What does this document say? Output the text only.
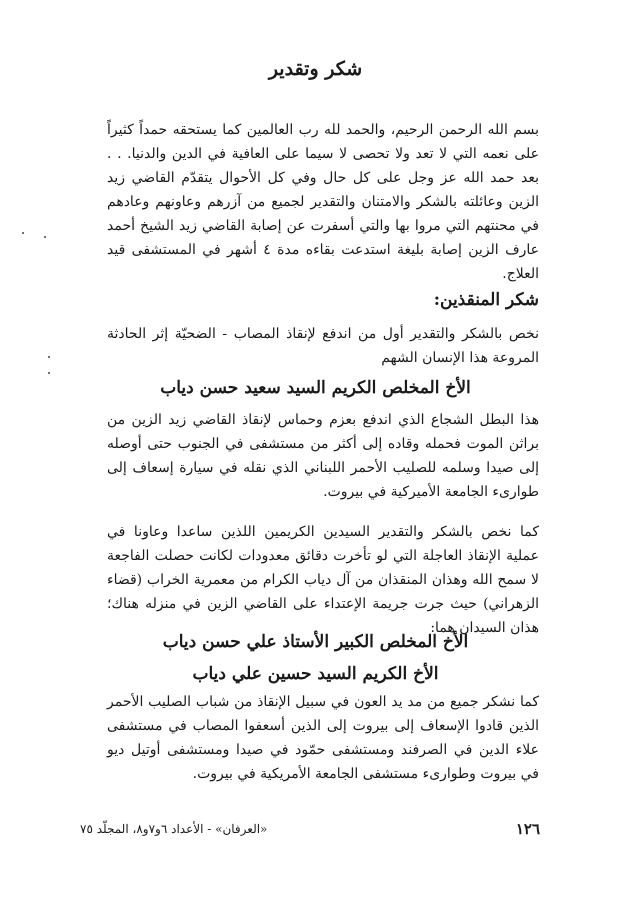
شكر وتقدير

بسم الله الرحمن الرحيم، والحمد لله رب العالمين كما يستحقه حمداً كثيراً على نعمه التي لا تعد ولا تحصى لا سيما على العافية في الدين والدنيا. . . بعد حمد الله عز وجل على كل حال وفي كل الأحوال يتقدّم القاضي زيد الزين وعائلته بالشكر والامتنان والتقدير لجميع من آزرهم وعاونهم وعادهم في محنتهم التي مروا بها والتي أسفرت عن إصابة القاضي زيد الشيخ أحمد عارف الزين إصابة بليغة استدعت بقاءه مدة ٤ أشهر في المستشفى قيد العلاج.

شكر المنقذين:

نخص بالشكر والتقدير أول من اندفع لإنقاذ المصاب - الضحيّة إثر الحادثة المروعة هذا الإنسان الشهم

الأخ المخلص الكريم السيد سعيد حسن دياب

هذا البطل الشجاع الذي اندفع بعزم وحماس لإنقاذ القاضي زيد الزين من براثن الموت فحمله وقاده إلى أكثر من مستشفى في الجنوب حتى أوصله إلى صيدا وسلمه للصليب الأحمر اللبناني الذي نقله في سيارة إسعاف إلى طوارىء الجامعة الأميركية في بيروت.

كما نخص بالشكر والتقدير السيدين الكريمين اللذين ساعدا وعاونا في عملية الإنقاذ العاجلة التي لو تأخرت دقائق معدودات لكانت حصلت الفاجعة لا سمح الله وهذان المنقذان من آل دياب الكرام من معمرية الخراب (قضاء الزهراني) حيث جرت جريمة الإعتداء على القاضي الزين في منزله هناك؛ هذان السيدان هما:

الأخ المخلص الكبير الأستاذ علي حسن دياب
الأخ الكريم السيد حسين علي دياب

كما نشكر جميع من مد يد العون في سبيل الإنقاذ من شباب الصليب الأحمر الذين قادوا الإسعاف إلى بيروت إلى الذين أسعفوا المصاب في مستشفى علاء الدين في الصرفند ومستشفى حمّود في صيدا ومستشفى أوتيل ديو في بيروت وطوارىء مستشفى الجامعة الأمريكية في بيروت.

١٢٦
«العرفان» - الأعداد ٦و٧و٨، المجلّد ٧٥
